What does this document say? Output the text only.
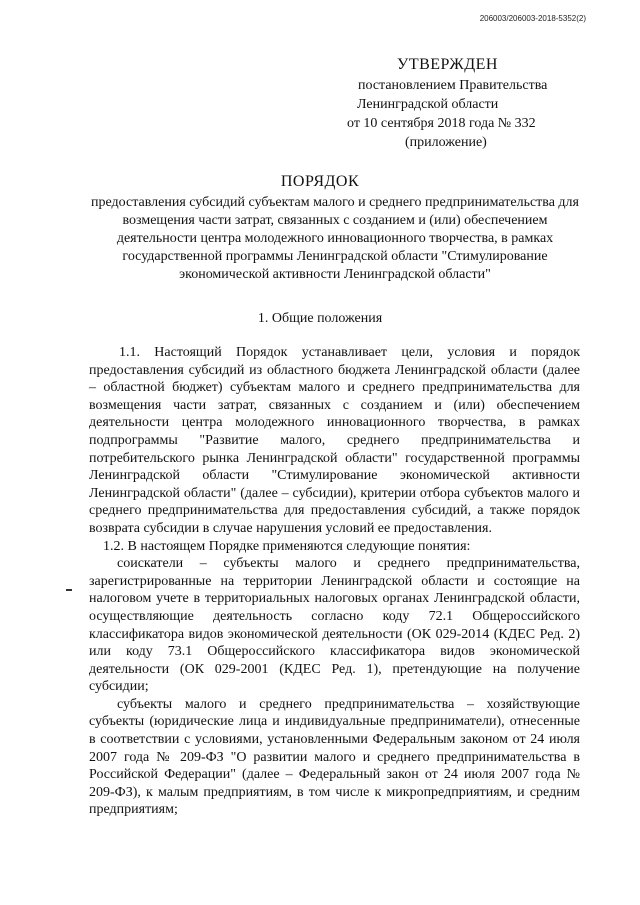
206003/206003-2018-5352(2)
УТВЕРЖДЕН
постановлением Правительства
Ленинградской области
от 10 сентября 2018 года № 332
(приложение)
ПОРЯДОК
предоставления субсидий субъектам малого и среднего предпринимательства для возмещения части затрат, связанных с созданием и (или) обеспечением деятельности центра молодежного инновационного творчества, в рамках государственной программы Ленинградской области "Стимулирование экономической активности Ленинградской области"
1. Общие положения

1.1. Настоящий Порядок устанавливает цели, условия и порядок предоставления субсидий из областного бюджета Ленинградской области (далее – областной бюджет) субъектам малого и среднего предпринимательства для возмещения части затрат, связанных с созданием и (или) обеспечением деятельности центра молодежного инновационного творчества, в рамках подпрограммы "Развитие малого, среднего предпринимательства и потребительского рынка Ленинградской области" государственной программы Ленинградской области "Стимулирование экономической активности Ленинградской области" (далее – субсидии), критерии отбора субъектов малого и среднего предпринимательства для предоставления субсидий, а также порядок возврата субсидии в случае нарушения условий ее предоставления.

1.2. В настоящем Порядке применяются следующие понятия:

соискатели – субъекты малого и среднего предпринимательства, зарегистрированные на территории Ленинградской области и состоящие на налоговом учете в территориальных налоговых органах Ленинградской области, осуществляющие деятельность согласно коду 72.1 Общероссийского классификатора видов экономической деятельности (ОК 029-2014 (КДЕС Ред. 2) или коду 73.1 Общероссийского классификатора видов экономической деятельности (ОК 029-2001 (КДЕС Ред. 1), претендующие на получение субсидии;

субъекты малого и среднего предпринимательства – хозяйствующие субъекты (юридические лица и индивидуальные предприниматели), отнесенные в соответствии с условиями, установленными Федеральным законом от 24 июля 2007 года № 209-ФЗ "О развитии малого и среднего предпринимательства в Российской Федерации" (далее – Федеральный закон от 24 июля 2007 года № 209-ФЗ), к малым предприятиям, в том числе к микропредприятиям, и средним предприятиям;
